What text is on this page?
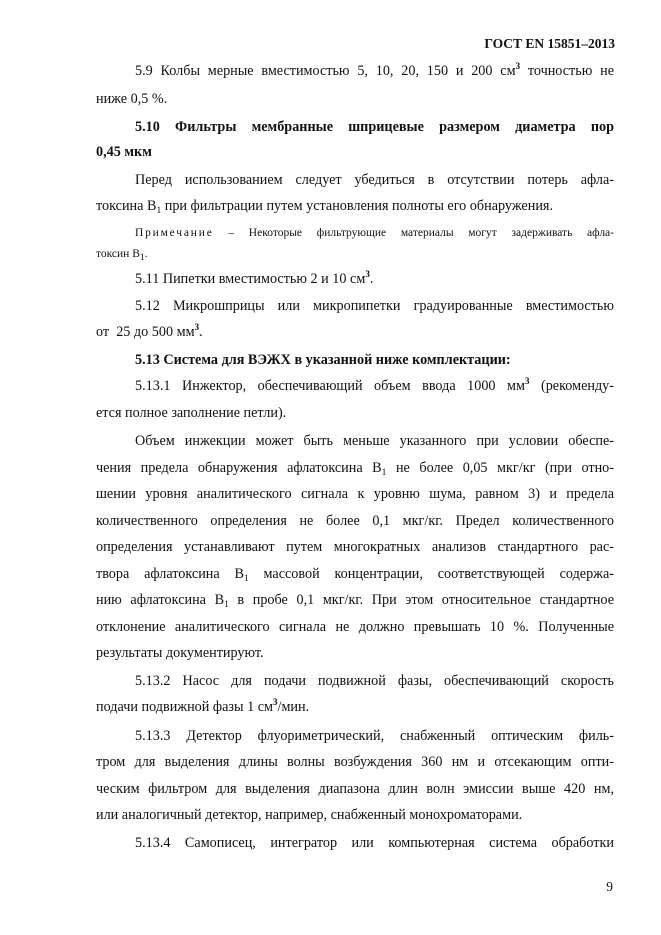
ГОСТ EN 15851–2013
5.9 Колбы мерные вместимостью 5, 10, 20, 150 и 200 $см^3$ точностью не
ниже 0,5 %.
5.10 Фильтры мембранные шприцевые размером диаметра пор
0,45 мкм
Перед использованием следует убедиться в отсутствии потерь афла-
токсина $B_1$ при фильтрации путем установления полноты его обнаружения.
Примечание – Некоторые фильтрующие материалы могут задерживать афла-
токсин $B_1$.
5.11 Пипетки вместимостью 2 и 10 $см^3$.
5.12 Микрошприцы или микропипетки градуированные вместимостью
от  25 до 500 $мм^3$.
5.13 Система для ВЭЖХ в указанной ниже комплектации:
5.13.1 Инжектор, обеспечивающий объем ввода 1000 $мм^3$ (рекоменду-
ется полное заполнение петли).
Объем инжекции может быть меньше указанного при условии обеспе-
чения предела обнаружения афлатоксина $B_1$ не более 0,05 мкг/кг (при отно-
шении уровня аналитического сигнала к уровню шума, равном 3) и предела
количественного определения не более 0,1 мкг/кг. Предел количественного
определения устанавливают путем многократных анализов стандартного рас-
твора афлатоксина $B_1$ массовой концентрации, соответствующей содержа-
нию афлатоксина $B_1$ в пробе 0,1 мкг/кг. При этом относительное стандартное
отклонение аналитического сигнала не должно превышать 10 %. Полученные
результаты документируют.
5.13.2 Насос для подачи подвижной фазы, обеспечивающий скорость
подачи подвижной фазы 1 $см^3$/мин.
5.13.3 Детектор флуориметрический, снабженный оптическим филь-
тром для выделения длины волны возбуждения 360 нм и отсекающим опти-
ческим фильтром для выделения диапазона длин волн эмиссии выше 420 нм,
или аналогичный детектор, например, снабженный монохроматорами.
5.13.4 Самописец, интегратор или компьютерная система обработки
9
